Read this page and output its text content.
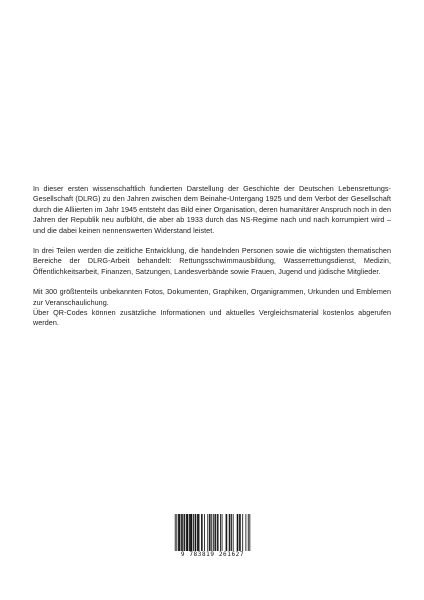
In dieser ersten wissenschaftlich fundierten Darstellung der Geschichte der Deutschen Lebensrettungs-Gesellschaft (DLRG) zu den Jahren zwischen dem Beinahe-Untergang 1925 und dem Verbot der Gesellschaft durch die Alliierten im Jahr 1945 entsteht das Bild einer Organisation, deren humanitärer Anspruch noch in den Jahren der Republik neu aufblüht, die aber ab 1933 durch das NS-Regime nach und nach korrumpiert wird – und die dabei keinen nennenswerten Widerstand leistet.

In drei Teilen werden die zeitliche Entwicklung, die handelnden Personen sowie die wichtigsten thematischen Bereiche der DLRG-Arbeit behandelt: Rettungsschwimmausbildung, Wasserrettungsdienst, Medizin, Öffentlichkeitsarbeit, Finanzen, Satzungen, Landesverbände sowie Frauen, Jugend und jüdische Mitglieder.

Mit 300 größtenteils unbekannten Fotos, Dokumenten, Graphiken, Organigrammen, Urkunden und Emblemen zur Veranschaulichung.

Über QR-Codes können zusätzliche Informationen und aktuelles Vergleichsmaterial kostenlos abgerufen werden.

9 783819 261627
